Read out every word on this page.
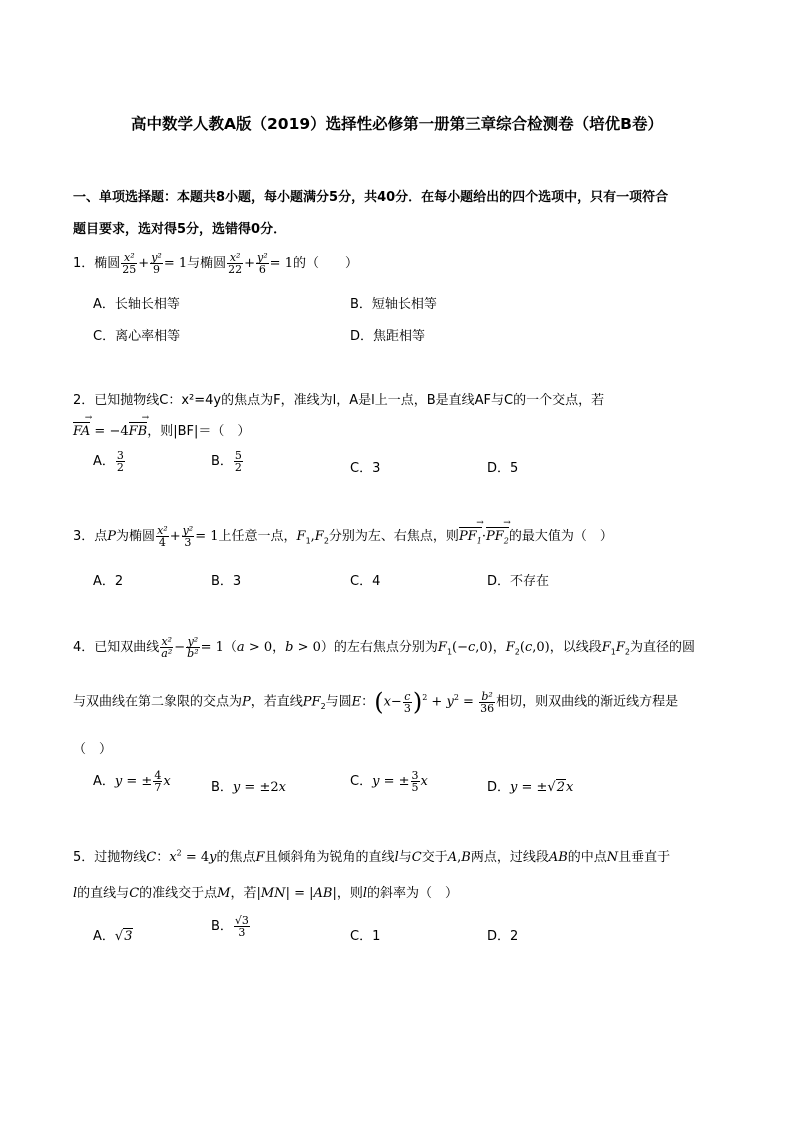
高中数学人教A版（2019）选择性必修第一册第三章综合检测卷（培优B卷）
一、单项选择题：本题共8小题，每小题满分5分，共40分．在每小题给出的四个选项中，只有一项符合
题目要求，选对得5分，选错得0分．
1．椭圆 $\frac{\text{x²}}{25} + \frac{\text{y²}}{9} = 1$与椭圆 $\frac{\text{x²}}{22} + \frac{\text{y²}}{6} = 1$的（　　）
A．长轴长相等	B．短轴长相等
C．离心率相等	D．焦距相等
2．已知抛物线C：x²=4y的焦点为F，准线为l，A是l上一点，B是直线AF与C的一个交点，若
FA → = −4FB →，则|BF|＝（　）
A． $\frac{3}{2}$	B． $\frac{5}{2}$	C．3	D．5
3．点P为椭圆 $\frac{\text{x²}}{4} + \frac{\text{y²}}{3} = 1$上任意一点，$F_1,F_2$分别为左、右焦点，则$PF_1 \to\cdot PF_2$ →的最大值为（　）
A．2	B．3	C．4	D．不存在
4．已知双曲线 $\frac{\text{x²}}{\text{a²}} - \frac{\text{y²}}{\text{b²}} = 1(a > 0$，b > 0）的左右焦点分别为$F_1(-c,0)$，$F_2(c,0)$，以线段$F_1F_2$为直径的圆
与双曲线在第二象限的交点为P，若直线$PF_2$与圆E：$(x- \frac{c}{3} )^2 + y^2 = \frac{\text{b²}}{36}$ 相切，则双曲线的渐近线方程是
（　）
A．y = ± $\frac{4}{7}$ x	B．y = ±2x	C．y = ± $\frac{3}{5}$ x	D．y = ±√2x
5．过抛物线C：$x^2 = 4y$的焦点F且倾斜角为锐角的直线l与C交于A,B两点，过线段AB的中点N且垂直于
l的直线与C的准线交于点M，若|MN| = |AB|，则l的斜率为（　）
A．√3
B． $\frac{√3}{3}$	C．1	D．2
